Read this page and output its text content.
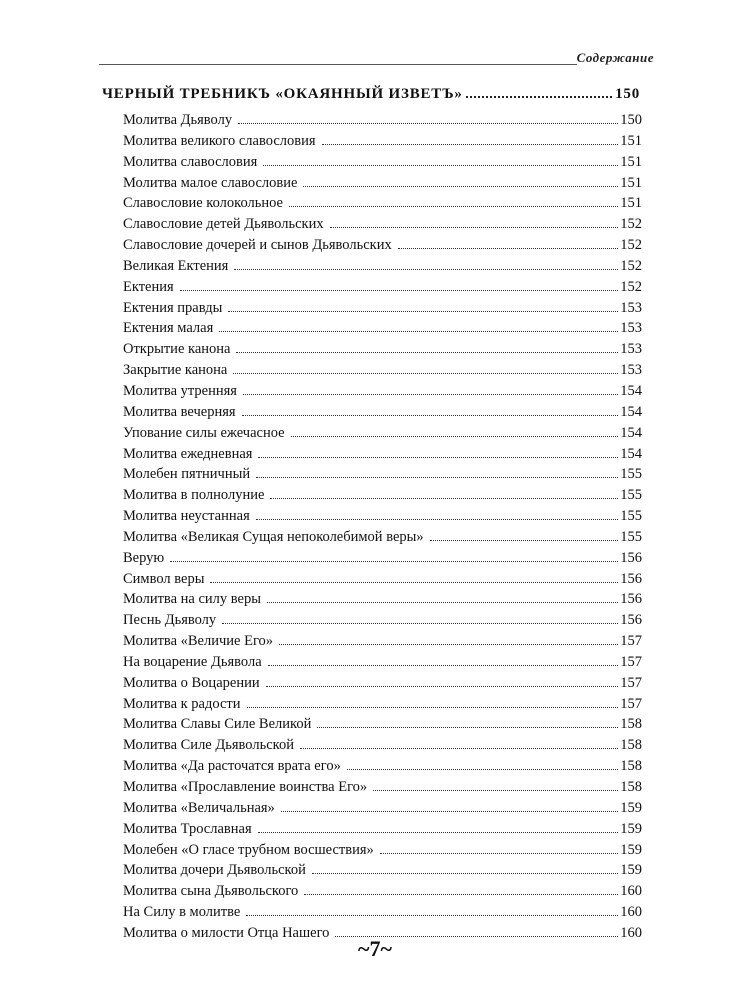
Содержание
ЧЕРНЫЙ ТРЕБНИКЪ «ОКАЯННЫЙ ИЗВЕТЪ»	150
Молитва Дьяволу	150
Молитва великого славословия	151
Молитва славословия	151
Молитва малое славословие	151
Славословие колокольное	151
Славословие детей Дьявольских	152
Славословие дочерей и сынов Дьявольских	152
Великая Ектения	152
Ектения	152
Ектения правды	153
Ектения малая	153
Открытие канона	153
Закрытие канона	153
Молитва утренняя	154
Молитва вечерняя	154
Упование силы ежечасное	154
Молитва ежедневная	154
Молебен пятничный	155
Молитва в полнолуние	155
Молитва неустанная	155
Молитва «Великая Сущая непоколебимой веры»	155
Верую	156
Символ веры	156
Молитва на силу веры	156
Песнь Дьяволу	156
Молитва «Величие Его»	157
На воцарение Дьявола	157
Молитва о Воцарении	157
Молитва к радости	157
Молитва Славы Силе Великой	158
Молитва Силе Дьявольской	158
Молитва «Да расточатся врата его»	158
Молитва «Прославление воинства Его»	158
Молитва «Величальная»	159
Молитва Трославная	159
Молебен «О гласе трубном восшествия»	159
Молитва дочери Дьявольской	159
Молитва сына Дьявольского	160
На Силу в молитве	160
Молитва о милости Отца Нашего	160
~7~
